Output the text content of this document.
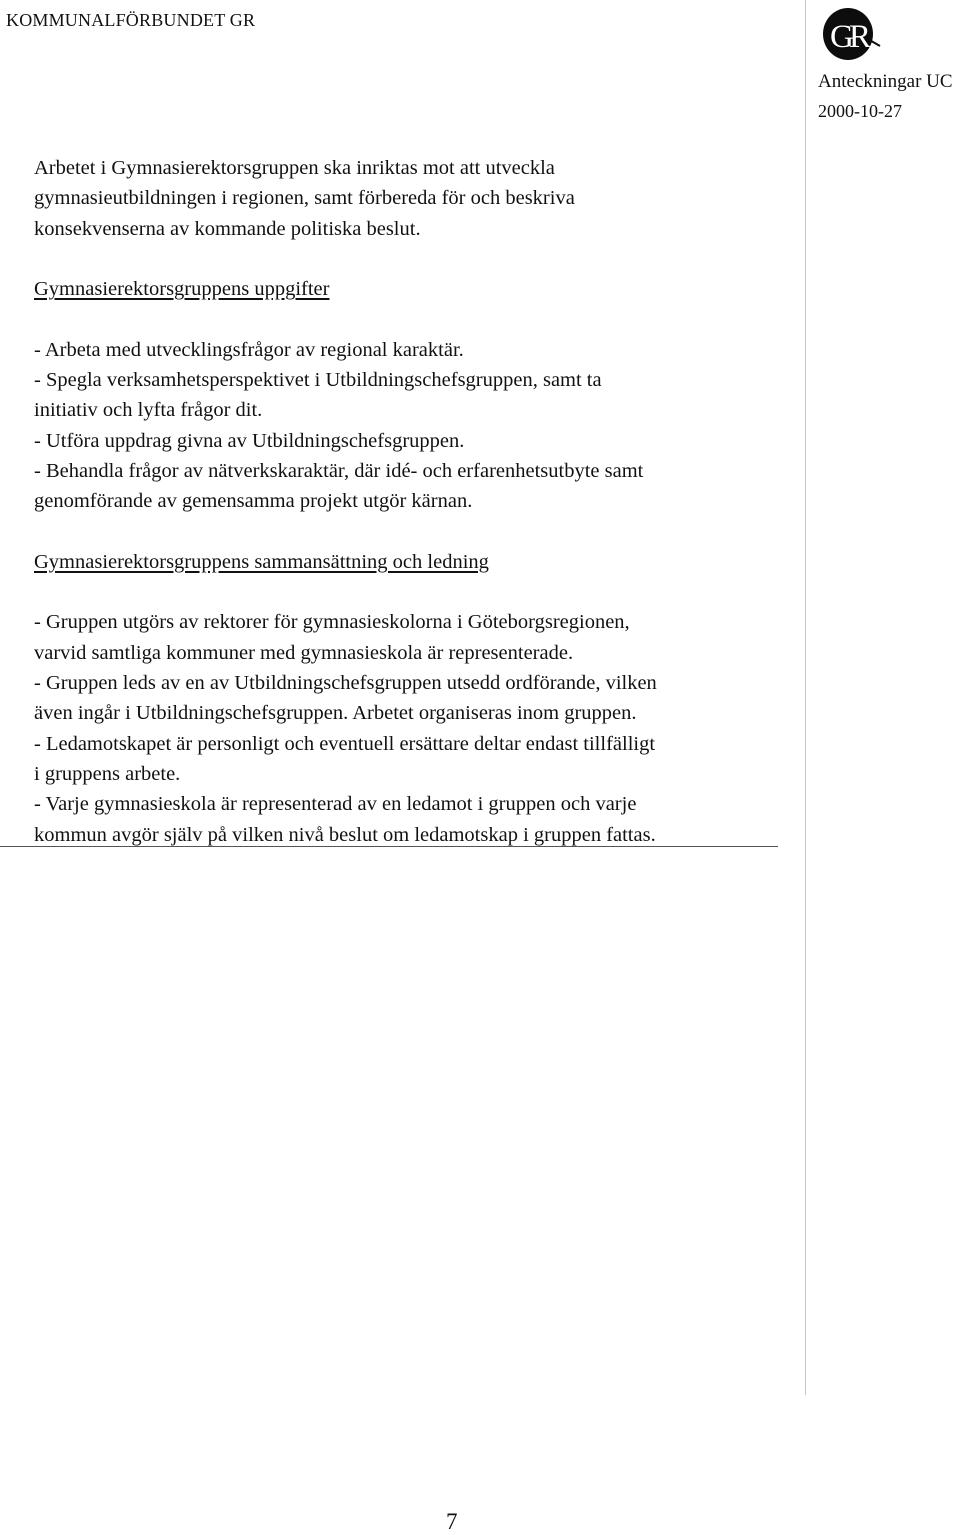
KOMMUNALFÖRBUNDET GR	G
R
Anteckningar UC
2000-10-27

Arbetet i Gymnasierektorsgruppen ska inriktas mot att utveckla

gymnasieutbildningen i regionen, samt förbereda för och beskriva

konsekvenserna av kommande politiska beslut.

Gymnasierektorsgruppens uppgifter

- Arbeta med utvecklingsfrågor av regional karaktär.

- Spegla verksamhetsperspektivet i Utbildningschefsgruppen, samt ta

initiativ och lyfta frågor dit.

- Utföra uppdrag givna av Utbildningschefsgruppen.

- Behandla frågor av nätverkskaraktär, där idé- och erfarenhetsutbyte samt

genomförande av gemensamma projekt utgör kärnan.

Gymnasierektorsgruppens sammansättning och ledning

- Gruppen utgörs av rektorer för gymnasieskolorna i Göteborgsregionen,

varvid samtliga kommuner med gymnasieskola är representerade.

- Gruppen leds av en av Utbildningschefsgruppen utsedd ordförande, vilken

även ingår i Utbildningschefsgruppen. Arbetet organiseras inom gruppen.

- Ledamotskapet är personligt och eventuell ersättare deltar endast tillfälligt

i gruppens arbete.

- Varje gymnasieskola är representerad av en ledamot i gruppen och varje

kommun avgör själv på vilken nivå beslut om ledamotskap i gruppen fattas.

7
